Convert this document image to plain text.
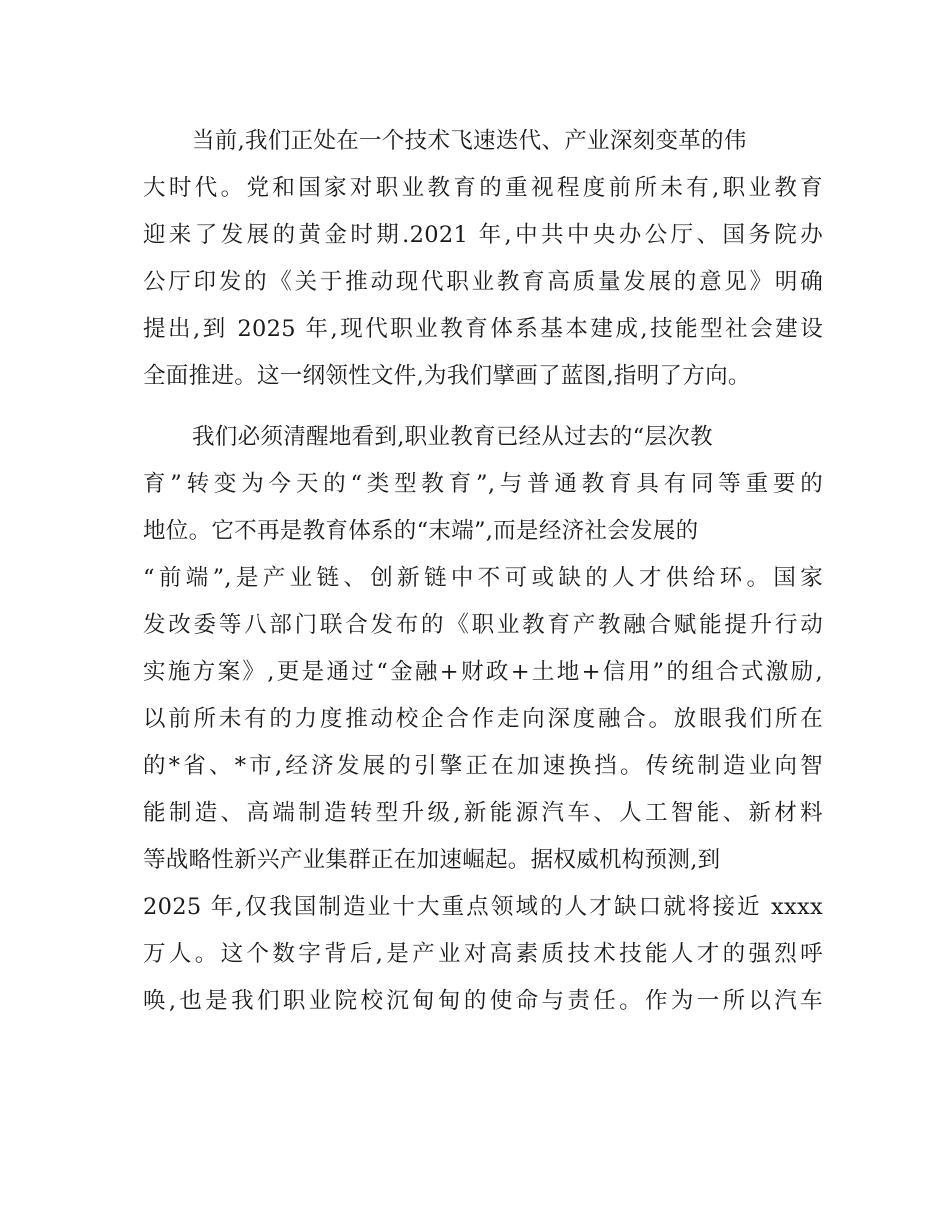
当前,我们正处在一个技术飞速迭代、产业深刻变革的伟
大时代。党和国家对职业教育的重视程度前所未有,职业教育
迎来了发展的黄金时期.2021 年,中共中央办公厅、国务院办
公厅印发的《关于推动现代职业教育高质量发展的意见》明确
提出,到 2025 年,现代职业教育体系基本建成,技能型社会建设
全面推进。这一纲领性文件,为我们擘画了蓝图,指明了方向。
我们必须清醒地看到,职业教育已经从过去的“层次教
育”转变为今天的“类型教育”,与普通教育具有同等重要的
地位。它不再是教育体系的“末端”,而是经济社会发展的
“前端”,是产业链、创新链中不可或缺的人才供给环。国家
发改委等八部门联合发布的《职业教育产教融合赋能提升行动
实施方案》,更是通过“金融+财政+土地+信用”的组合式激励,
以前所未有的力度推动校企合作走向深度融合。放眼我们所在
的*省、*市,经济发展的引擎正在加速换挡。传统制造业向智
能制造、高端制造转型升级,新能源汽车、人工智能、新材料
等战略性新兴产业集群正在加速崛起。据权威机构预测,到
2025 年,仅我国制造业十大重点领域的人才缺口就将接近 xxxx
万人。这个数字背后,是产业对高素质技术技能人才的强烈呼
唤,也是我们职业院校沉甸甸的使命与责任。作为一所以汽车
